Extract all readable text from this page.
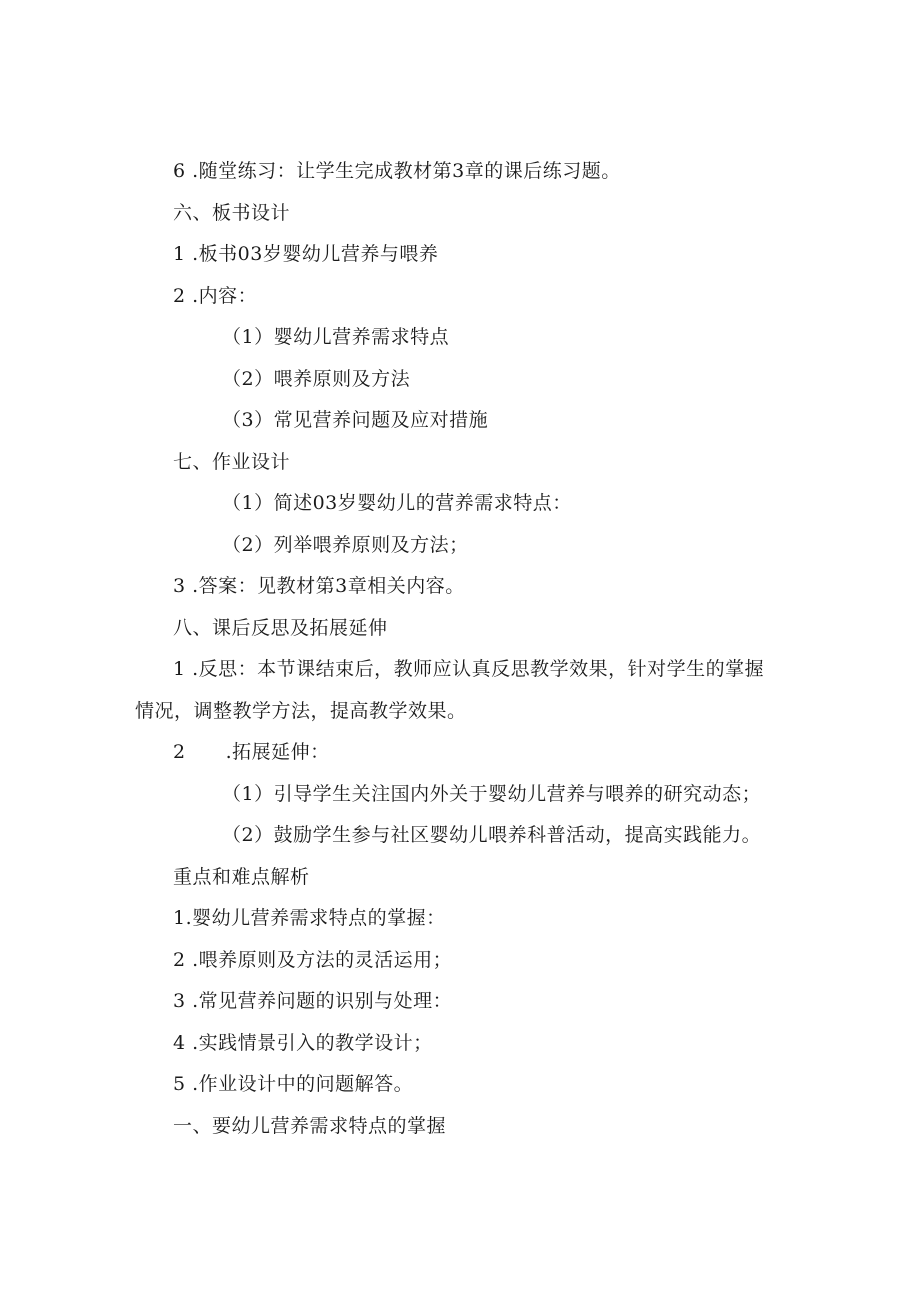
6 .随堂练习：让学生完成教材第3章的课后练习题。
六、板书设计
1 .板书03岁婴幼儿营养与喂养
2 .内容：
（1）婴幼儿营养需求特点
（2）喂养原则及方法
（3）常见营养问题及应对措施
七、作业设计
（1）简述03岁婴幼儿的营养需求特点：
（2）列举喂养原则及方法；
3 .答案：见教材第3章相关内容。
八、课后反思及拓展延伸
1 .反思：本节课结束后，教师应认真反思教学效果，针对学生的掌握
情况，调整教学方法，提高教学效果。
2 .拓展延伸：
（1）引导学生关注国内外关于婴幼儿营养与喂养的研究动态；
（2）鼓励学生参与社区婴幼儿喂养科普活动，提高实践能力。
重点和难点解析
1.婴幼儿营养需求特点的掌握：
2 .喂养原则及方法的灵活运用；
3 .常见营养问题的识别与处理：
4 .实践情景引入的教学设计；
5 .作业设计中的问题解答。
一、要幼儿营养需求特点的掌握
